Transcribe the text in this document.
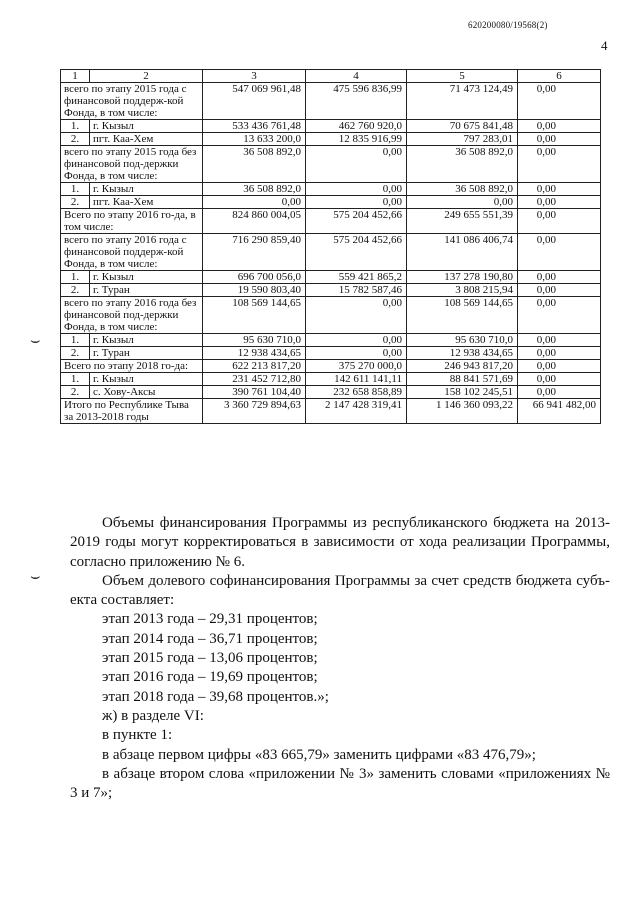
620200080/19568(2)
4
⌣
⌣
1	2	3	4	5	6
всего по этапу 2015 года с финансовой поддерж-кой Фонда, в том числе:		547 069 961,48	475 596 836,99	71 473 124,49	0,00
1.	г. Кызыл	533 436 761,48	462 760 920,0	70 675 841,48	0,00
2.	пгт. Каа-Хем	13 633 200,0	12 835 916,99	797 283,01	0,00
всего по этапу 2015 года без финансовой под-держки Фонда, в том числе:		36 508 892,0	0,00	36 508 892,0	0,00
1.	г. Кызыл	36 508 892,0	0,00	36 508 892,0	0,00
2.	пгт. Каа-Хем	0,00	0,00	0,00	0,00
Всего по этапу 2016 го-да, в том числе:		824 860 004,05	575 204 452,66	249 655 551,39	0,00
всего по этапу 2016 года с финансовой поддерж-кой Фонда, в том числе:		716 290 859,40	575 204 452,66	141 086 406,74	0,00
1.	г. Кызыл	696 700 056,0	559 421 865,2	137 278 190,80	0,00
2.	г. Туран	19 590 803,40	15 782 587,46	3 808 215,94	0,00
всего по этапу 2016 года без финансовой под-держки Фонда, в том числе:		108 569 144,65	0,00	108 569 144,65	0,00
1.	г. Кызыл	95 630 710,0	0,00	95 630 710,0	0,00
2.	г. Туран	12 938 434,65	0,00	12 938 434,65	0,00
Всего по этапу 2018 го-да:		622 213 817,20	375 270 000,0	246 943 817,20	0,00
1.	г. Кызыл	231 452 712,80	142 611 141,11	88 841 571,69	0,00
2.	с. Хову-Аксы	390 761 104,40	232 658 858,89	158 102 245,51	0,00
Итого по Республике Тыва за 2013-2018 годы		3 360 729 894,63	2 147 428 319,41	1 146 360 093,22	66 941 482,00

Объемы финансирования Программы из республиканского бюджета на 2013-2019 годы могут корректироваться в зависимости от хода реализации Программы, согласно приложению № 6.

Объем долевого софинансирования Программы за счет средств бюджета субъ-екта составляет:

этап 2013 года – 29,31 процентов;

этап 2014 года – 36,71 процентов;

этап 2015 года – 13,06 процентов;

этап 2016 года – 19,69 процентов;

этап 2018 года – 39,68 процентов.»;

ж) в разделе VI:

в пункте 1:

в абзаце первом цифры «83 665,79» заменить цифрами «83 476,79»;

в абзаце втором слова «приложении № 3» заменить словами «приложениях № 3 и 7»;
